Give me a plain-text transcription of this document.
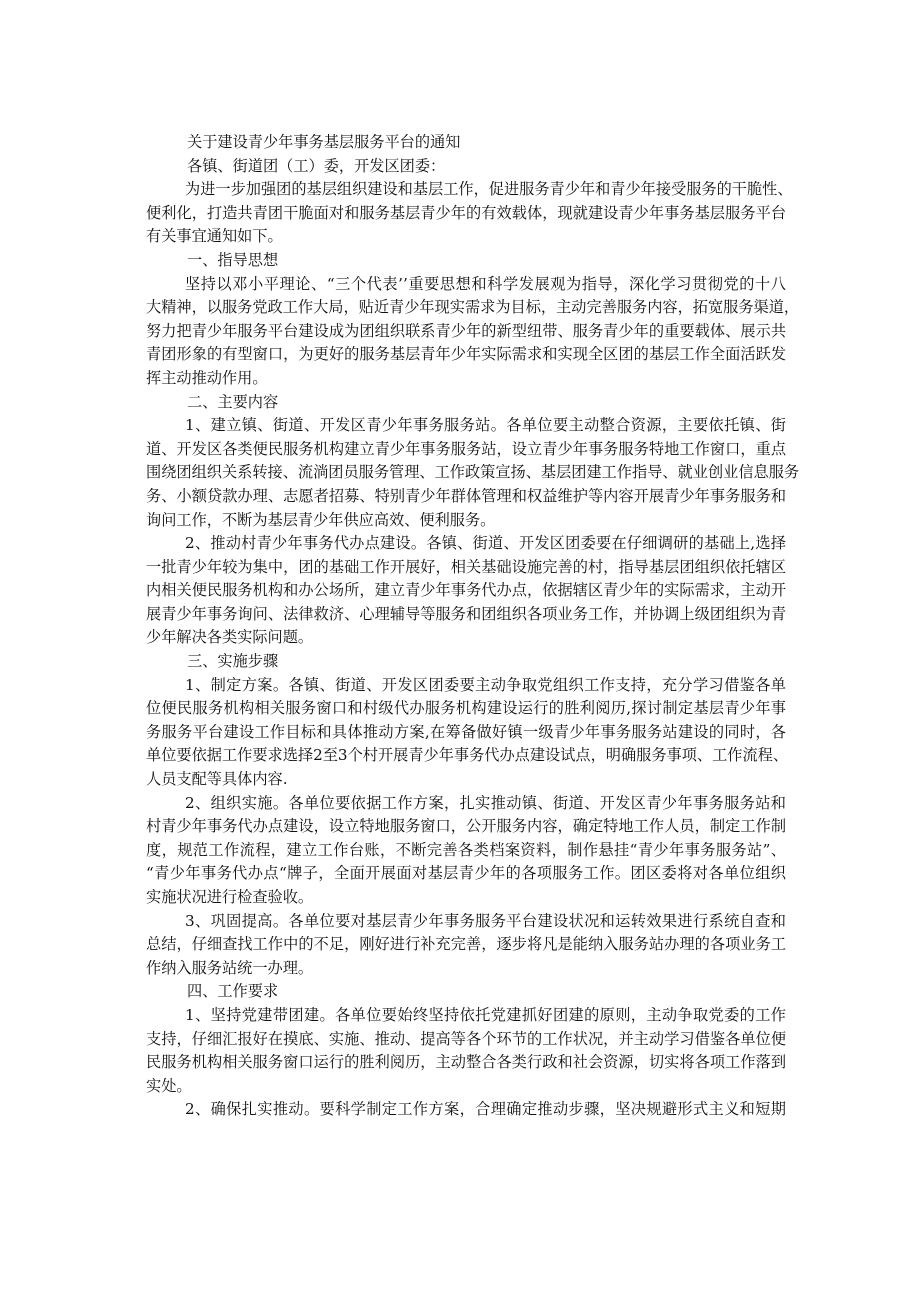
关于建设青少年事务基层服务平台的通知

各镇、街道团（工）委，开发区团委：

为进一步加强团的基层组织建设和基层工作，促进服务青少年和青少年接受服务的干脆性、

便利化，打造共青团干脆面对和服务基层青少年的有效载体，现就建设青少年事务基层服务平台

有关事宜通知如下。

一、指导思想

坚持以邓小平理论、“三个代表’’重要思想和科学发展观为指导，深化学习贯彻党的十八

大精神，以服务党政工作大局，贴近青少年现实需求为目标，主动完善服务内容，拓宽服务渠道，

努力把青少年服务平台建设成为团组织联系青少年的新型纽带、服务青少年的重要载体、展示共

青团形象的有型窗口，为更好的服务基层青年少年实际需求和实现全区团的基层工作全面活跃发

挥主动推动作用。

二、主要内容

1、建立镇、街道、开发区青少年事务服务站。各单位要主动整合资源，主要依托镇、街

道、开发区各类便民服务机构建立青少年事务服务站，设立青少年事务服务特地工作窗口，重点

围绕团组织关系转接、流淌团员服务管理、工作政策宣扬、基层团建工作指导、就业创业信息服务

务、小额贷款办理、志愿者招募、特别青少年群体管理和权益维护等内容开展青少年事务服务和

询问工作，不断为基层青少年供应高效、便利服务。

2、推动村青少年事务代办点建设。各镇、街道、开发区团委要在仔细调研的基础上,选择

一批青少年较为集中，团的基础工作开展好，相关基础设施完善的村，指导基层团组织依托辖区

内相关便民服务机构和办公场所，建立青少年事务代办点，依据辖区青少年的实际需求，主动开

展青少年事务询问、法律救济、心理辅导等服务和团组织各项业务工作，并协调上级团组织为青

少年解决各类实际问题。

三、实施步骤

1、制定方案。各镇、街道、开发区团委要主动争取党组织工作支持，充分学习借鉴各单

位便民服务机构相关服务窗口和村级代办服务机构建设运行的胜利阅历,探讨制定基层青少年事

务服务平台建设工作目标和具体推动方案,在筹备做好镇一级青少年事务服务站建设的同时，各

单位要依据工作要求选择2至3个村开展青少年事务代办点建设试点，明确服务事项、工作流程、

人员支配等具体内容.

2、组织实施。各单位要依据工作方案，扎实推动镇、街道、开发区青少年事务服务站和

村青少年事务代办点建设，设立特地服务窗口，公开服务内容，确定特地工作人员，制定工作制

度，规范工作流程，建立工作台账，不断完善各类档案资料，制作悬挂“青少年事务服务站”、

“青少年事务代办点“牌子，全面开展面对基层青少年的各项服务工作。团区委将对各单位组织

实施状况进行检查验收。

3、巩固提高。各单位要对基层青少年事务服务平台建设状况和运转效果进行系统自查和

总结，仔细查找工作中的不足，刚好进行补充完善，逐步将凡是能纳入服务站办理的各项业务工

作纳入服务站统一办理。

四、工作要求

1、坚持党建带团建。各单位要始终坚持依托党建抓好团建的原则，主动争取党委的工作

支持，仔细汇报好在摸底、实施、推动、提高等各个环节的工作状况，并主动学习借鉴各单位便

民服务机构相关服务窗口运行的胜利阅历，主动整合各类行政和社会资源，切实将各项工作落到

实处。

2、确保扎实推动。要科学制定工作方案，合理确定推动步骤，坚决规避形式主义和短期
